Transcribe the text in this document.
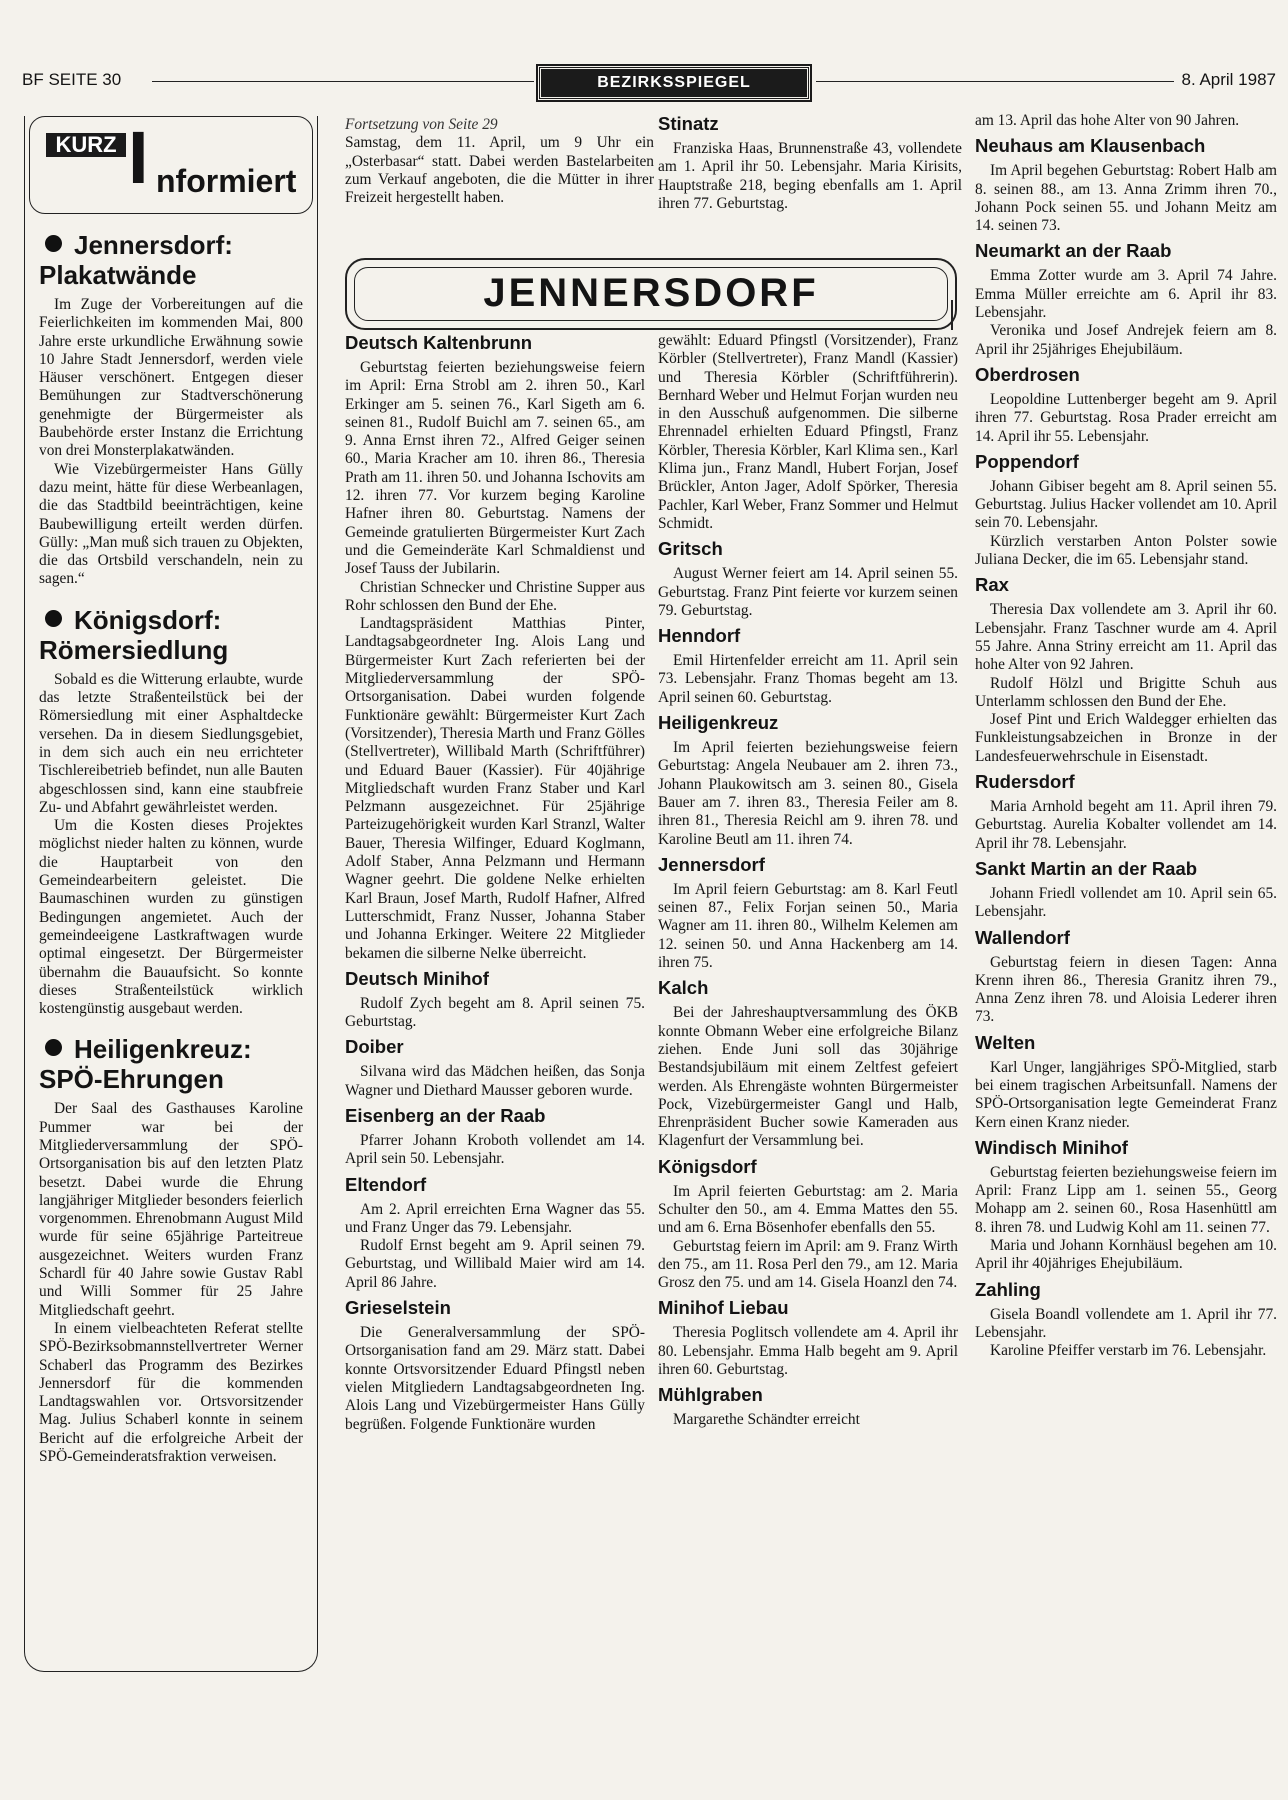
BF SEITE 30	BEZIRKSSPIEGEL	8. April 1987
KURZ I nformiert
Jennersdorf: Plakatwände

Im Zuge der Vorbereitungen auf die Feierlichkeiten im kommenden Mai, 800 Jahre erste urkundliche Erwähnung sowie 10 Jahre Stadt Jennersdorf, werden viele Häuser verschönert. Entgegen dieser Bemühungen zur Stadtverschönerung genehmigte der Bürgermeister als Baubehörde erster Instanz die Errichtung von drei Monsterplakatwänden.

Wie Vizebürgermeister Hans Güllу dazu meint, hätte für diese Werbeanlagen, die das Stadtbild beeinträchtigen, keine Baubewilligung erteilt werden dürfen. Gülly: „Man muß sich trauen zu Objekten, die das Ortsbild verschandeln, nein zu sagen.“

Königsdorf: Römersiedlung

Sobald es die Witterung erlaubte, wurde das letzte Straßenteilstück bei der Römersiedlung mit einer Asphaltdecke versehen. Da in diesem Siedlungsgebiet, in dem sich auch ein neu errichteter Tischlereibetrieb befindet, nun alle Bauten abgeschlossen sind, kann eine staubfreie Zu- und Abfahrt gewährleistet werden.

Um die Kosten dieses Projektes möglichst nieder halten zu können, wurde die Hauptarbeit von den Gemeindearbeitern geleistet. Die Baumaschinen wurden zu günstigen Bedingungen angemietet. Auch der gemeindeeigene Lastkraftwagen wurde optimal eingesetzt. Der Bürgermeister übernahm die Bauaufsicht. So konnte dieses Straßenteilstück wirklich kostengünstig ausgebaut werden.

Heiligenkreuz: SPÖ-Ehrungen

Der Saal des Gasthauses Karoline Pummer war bei der Mitgliederversammlung der SPÖ-Ortsorganisation bis auf den letzten Platz besetzt. Dabei wurde die Ehrung langjähriger Mitglieder besonders feierlich vorgenommen. Ehrenobmann August Mild wurde für seine 65jährige Parteitreue ausgezeichnet. Weiters wurden Franz Schardl für 40 Jahre sowie Gustav Rabl und Willi Sommer für 25 Jahre Mitgliedschaft geehrt.

In einem vielbeachteten Referat stellte SPÖ-Bezirksobmannstellvertreter Werner Schaberl das Programm des Bezirkes Jennersdorf für die kommenden Landtagswahlen vor. Ortsvorsitzender Mag. Julius Schaberl konnte in seinem Bericht auf die erfolgreiche Arbeit der SPÖ-Gemeinderatsfraktion verweisen.

Fortsetzung von Seite 29

Samstag, dem 11. April, um 9 Uhr ein „Osterbasar“ statt. Dabei werden Bastelarbeiten zum Verkauf angeboten, die die Mütter in ihrer Freizeit hergestellt haben.

Stinatz

Franziska Haas, Brunnenstraße 43, vollendete am 1. April ihr 50. Lebensjahr. Maria Kirisits, Hauptstraße 218, beging ebenfalls am 1. April ihren 77. Geburtstag.

am 13. April das hohe Alter von 90 Jahren.

Neuhaus am Klausenbach

Im April begehen Geburtstag: Robert Halb am 8. seinen 88., am 13. Anna Zrimm ihren 70., Johann Pock seinen 55. und Johann Meitz am 14. seinen 73.

Neumarkt an der Raab

Emma Zotter wurde am 3. April 74 Jahre. Emma Müller erreichte am 6. April ihr 83. Lebensjahr.

Veronika und Josef Andrejek feiern am 8. April ihr 25jähriges Ehejubiläum.

Oberdrosen

Leopoldine Luttenberger begeht am 9. April ihren 77. Geburtstag. Rosa Prader erreicht am 14. April ihr 55. Lebensjahr.

Poppendorf

Johann Gibiser begeht am 8. April seinen 55. Geburtstag. Julius Hacker vollendet am 10. April sein 70. Lebensjahr.

Kürzlich verstarben Anton Polster sowie Juliana Decker, die im 65. Lebensjahr stand.

Rax

Theresia Dax vollendete am 3. April ihr 60. Lebensjahr. Franz Taschner wurde am 4. April 55 Jahre. Anna Striny erreicht am 11. April das hohe Alter von 92 Jahren.

Rudolf Hölzl und Brigitte Schuh aus Unterlamm schlossen den Bund der Ehe.

Josef Pint und Erich Waldegger erhielten das Funkleistungsabzeichen in Bronze in der Landesfeuerwehrschule in Eisenstadt.

Rudersdorf

Maria Arnhold begeht am 11. April ihren 79. Geburtstag. Aurelia Kobalter vollendet am 14. April ihr 78. Lebensjahr.

Sankt Martin an der Raab

Johann Friedl vollendet am 10. April sein 65. Lebensjahr.

Wallendorf

Geburtstag feiern in diesen Tagen: Anna Krenn ihren 86., Theresia Granitz ihren 79., Anna Zenz ihren 78. und Aloisia Lederer ihren 73.

Welten

Karl Unger, langjähriges SPÖ-Mitglied, starb bei einem tragischen Arbeitsunfall. Namens der SPÖ-Ortsorganisation legte Gemeinderat Franz Kern einen Kranz nieder.

Windisch Minihof

Geburtstag feierten beziehungsweise feiern im April: Franz Lipp am 1. seinen 55., Georg Mohapp am 2. seinen 60., Rosa Hasenhüttl am 8. ihren 78. und Ludwig Kohl am 11. seinen 77.

Maria und Johann Kornhäusl begehen am 10. April ihr 40jähriges Ehejubiläum.

Zahling

Gisela Boandl vollendete am 1. April ihr 77. Lebensjahr.

Karoline Pfeiffer verstarb im 76. Lebensjahr.

JENNERSDORF
Deutsch Kaltenbrunn

Geburtstag feierten beziehungsweise feiern im April: Erna Strobl am 2. ihren 50., Karl Erkinger am 5. seinen 76., Karl Sigeth am 6. seinen 81., Rudolf Buichl am 7. seinen 65., am 9. Anna Ernst ihren 72., Alfred Geiger seinen 60., Maria Kracher am 10. ihren 86., Theresia Prath am 11. ihren 50. und Johanna Ischovits am 12. ihren 77. Vor kurzem beging Karoline Hafner ihren 80. Geburtstag. Namens der Gemeinde gratulierten Bürgermeister Kurt Zach und die Gemeinderäte Karl Schmaldienst und Josef Tauss der Jubilarin.

Christian Schnecker und Christine Supper aus Rohr schlossen den Bund der Ehe.

Landtagspräsident Matthias Pinter, Landtagsabgeordneter Ing. Alois Lang und Bürgermeister Kurt Zach referierten bei der Mitgliederversammlung der SPÖ-Ortsorganisation. Dabei wurden folgende Funktionäre gewählt: Bürgermeister Kurt Zach (Vorsitzender), Theresia Marth und Franz Gölles (Stellvertreter), Willibald Marth (Schriftführer) und Eduard Bauer (Kassier). Für 40jährige Mitgliedschaft wurden Franz Staber und Karl Pelzmann ausgezeichnet. Für 25jährige Parteizugehörigkeit wurden Karl Stranzl, Walter Bauer, Theresia Wilfinger, Eduard Koglmann, Adolf Staber, Anna Pelzmann und Hermann Wagner geehrt. Die goldene Nelke erhielten Karl Braun, Josef Marth, Rudolf Hafner, Alfred Lutterschmidt, Franz Nusser, Johanna Staber und Johanna Erkinger. Weitere 22 Mitglieder bekamen die silberne Nelke überreicht.

Deutsch Minihof

Rudolf Zych begeht am 8. April seinen 75. Geburtstag.

Doiber

Silvana wird das Mädchen heißen, das Sonja Wagner und Diethard Mausser geboren wurde.

Eisenberg an der Raab

Pfarrer Johann Kroboth vollendet am 14. April sein 50. Lebensjahr.

Eltendorf

Am 2. April erreichten Erna Wagner das 55. und Franz Unger das 79. Lebensjahr.

Rudolf Ernst begeht am 9. April seinen 79. Geburtstag, und Willibald Maier wird am 14. April 86 Jahre.

Grieselstein

Die Generalversammlung der SPÖ-Ortsorganisation fand am 29. März statt. Dabei konnte Ortsvorsitzender Eduard Pfingstl neben vielen Mitgliedern Landtagsabgeordneten Ing. Alois Lang und Vizebürgermeister Hans Gülly begrüßen. Folgende Funktionäre wurden

gewählt: Eduard Pfingstl (Vorsitzender), Franz Körbler (Stellvertreter), Franz Mandl (Kassier) und Theresia Körbler (Schriftführerin). Bernhard Weber und Helmut Forjan wurden neu in den Ausschuß aufgenommen. Die silberne Ehrennadel erhielten Eduard Pfingstl, Franz Körbler, Theresia Körbler, Karl Klima sen., Karl Klima jun., Franz Mandl, Hubert Forjan, Josef Brückler, Anton Jager, Adolf Spörker, Theresia Pachler, Karl Weber, Franz Sommer und Helmut Schmidt.

Gritsch

August Werner feiert am 14. April seinen 55. Geburtstag. Franz Pint feierte vor kurzem seinen 79. Geburtstag.

Henndorf

Emil Hirtenfelder erreicht am 11. April sein 73. Lebensjahr. Franz Thomas begeht am 13. April seinen 60. Geburtstag.

Heiligenkreuz

Im April feierten beziehungsweise feiern Geburtstag: Angela Neubauer am 2. ihren 73., Johann Plaukowitsch am 3. seinen 80., Gisela Bauer am 7. ihren 83., Theresia Feiler am 8. ihren 81., Theresia Reichl am 9. ihren 78. und Karoline Beutl am 11. ihren 74.

Jennersdorf

Im April feiern Geburtstag: am 8. Karl Feutl seinen 87., Felix Forjan seinen 50., Maria Wagner am 11. ihren 80., Wilhelm Kelemen am 12. seinen 50. und Anna Hackenberg am 14. ihren 75.

Kalch

Bei der Jahreshauptversammlung des ÖKB konnte Obmann Weber eine erfolgreiche Bilanz ziehen. Ende Juni soll das 30jährige Bestandsjubiläum mit einem Zeltfest gefeiert werden. Als Ehrengäste wohnten Bürgermeister Pock, Vizebürgermeister Gangl und Halb, Ehrenpräsident Bucher sowie Kameraden aus Klagenfurt der Versammlung bei.

Königsdorf

Im April feierten Geburtstag: am 2. Maria Schulter den 50., am 4. Emma Mattes den 55. und am 6. Erna Bösenhofer ebenfalls den 55.

Geburtstag feiern im April: am 9. Franz Wirth den 75., am 11. Rosa Perl den 79., am 12. Maria Grosz den 75. und am 14. Gisela Hoanzl den 74.

Minihof Liebau

Theresia Poglitsch vollendete am 4. April ihr 80. Lebensjahr. Emma Halb begeht am 9. April ihren 60. Geburtstag.

Mühlgraben

Margarethe Schändter erreicht
